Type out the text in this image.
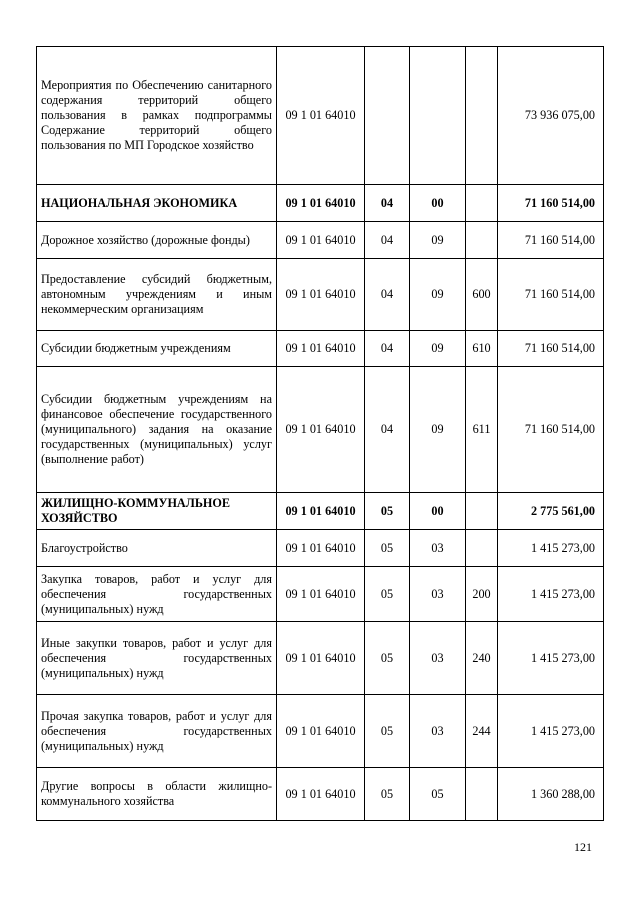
Мероприятия по Обеспечению санитарного содержания территорий общего пользования в рамках подпрограммы Содержание территорий общего пользования по МП Городское хозяйство	09 1 01 64010				73 936 075,00
НАЦИОНАЛЬНАЯ ЭКОНОМИКА	09 1 01 64010	04	00		71 160 514,00
Дорожное хозяйство (дорожные фонды)	09 1 01 64010	04	09		71 160 514,00
Предоставление субсидий бюджетным, автономным учреждениям и иным некоммерческим организациям	09 1 01 64010	04	09	600	71 160 514,00
Субсидии бюджетным учреждениям	09 1 01 64010	04	09	610	71 160 514,00
Субсидии бюджетным учреждениям на финансовое обеспечение государственного (муниципального) задания на оказание государственных (муниципальных) услуг (выполнение работ)	09 1 01 64010	04	09	611	71 160 514,00
ЖИЛИЩНО-КОММУНАЛЬНОЕ ХОЗЯЙСТВО	09 1 01 64010	05	00		2 775 561,00
Благоустройство	09 1 01 64010	05	03		1 415 273,00
Закупка товаров, работ и услуг для обеспечения государственных (муниципальных) нужд	09 1 01 64010	05	03	200	1 415 273,00
Иные закупки товаров, работ и услуг для обеспечения государственных (муниципальных) нужд	09 1 01 64010	05	03	240	1 415 273,00
Прочая закупка товаров, работ и услуг для обеспечения государственных (муниципальных) нужд	09 1 01 64010	05	03	244	1 415 273,00
Другие вопросы в области жилищно-коммунального хозяйства	09 1 01 64010	05	05		1 360 288,00
121
